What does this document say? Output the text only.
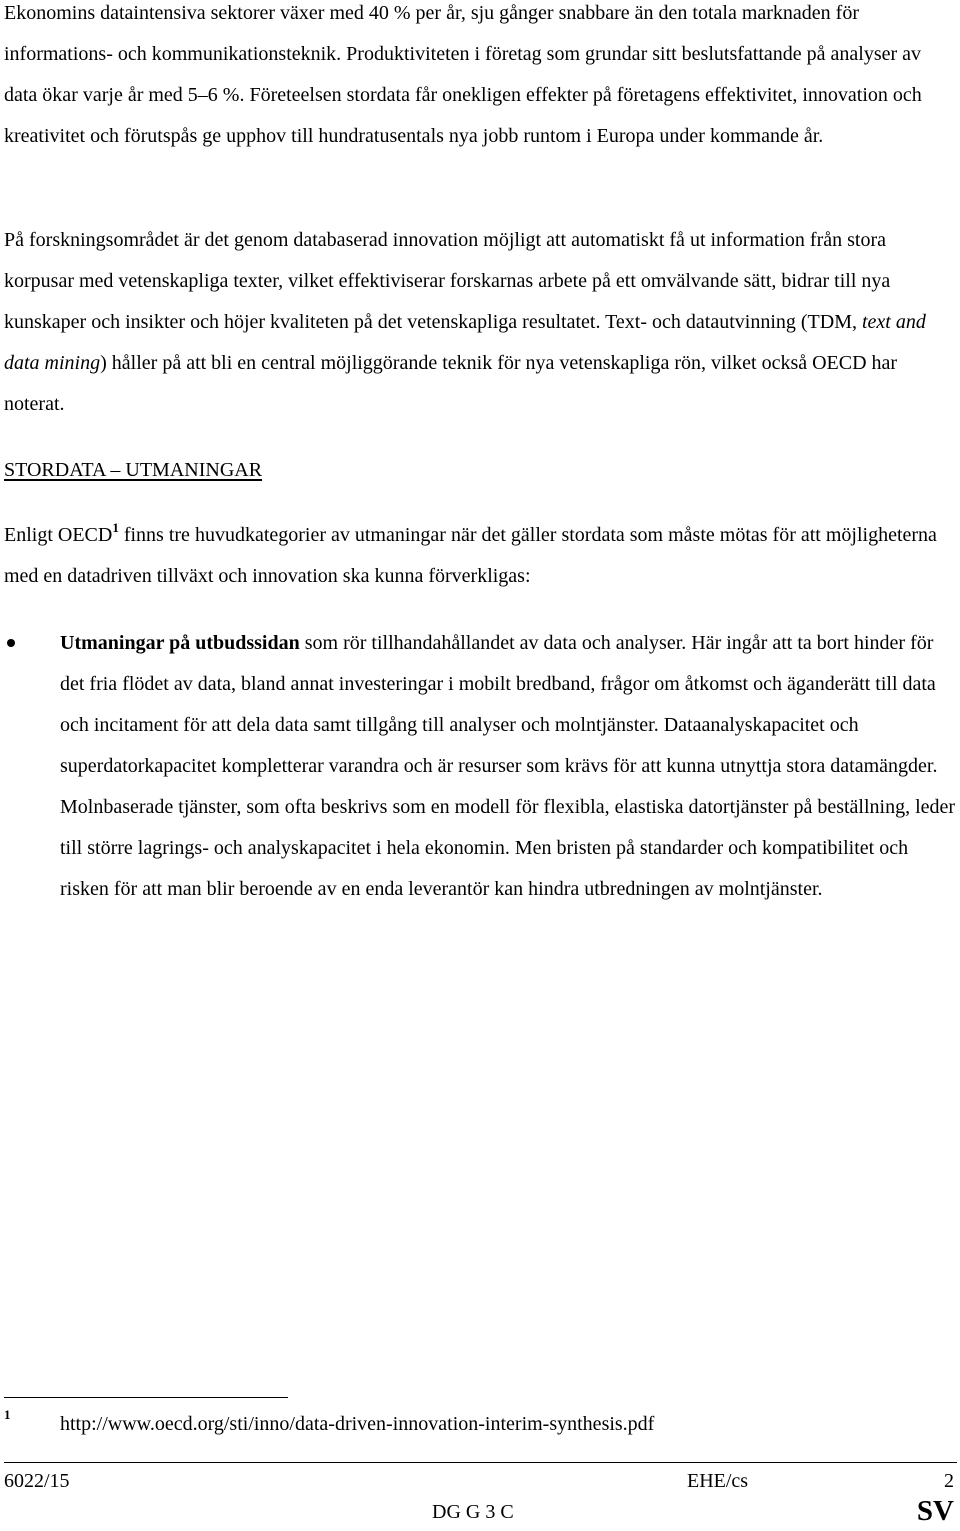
Ekonomins dataintensiva sektorer växer med 40 % per år, sju gånger snabbare än den totala marknaden för informations- och kommunikationsteknik. Produktiviteten i företag som grundar sitt beslutsfattande på analyser av data ökar varje år med 5–6 %. Företeelsen stordata får onekligen effekter på företagens effektivitet, innovation och kreativitet och förutspås ge upphov till hundratusentals nya jobb runtom i Europa under kommande år.

På forskningsområdet är det genom databaserad innovation möjligt att automatiskt få ut information från stora korpusar med vetenskapliga texter, vilket effektiviserar forskarnas arbete på ett omvälvande sätt, bidrar till nya kunskaper och insikter och höjer kvaliteten på det vetenskapliga resultatet. Text- och datautvinning (TDM, text and data mining) håller på att bli en central möjliggörande teknik för nya vetenskapliga rön, vilket också OECD har noterat.

STORDATA – UTMANINGAR

Enligt OECD$^1$ finns tre huvudkategorier av utmaningar när det gäller stordata som måste mötas för att möjligheterna med en datadriven tillväxt och innovation ska kunna förverkligas:

Utmaningar på utbudssidan som rör tillhandahållandet av data och analyser. Här ingår att ta bort hinder för det fria flödet av data, bland annat investeringar i mobilt bredband, frågor om åtkomst och äganderätt till data och incitament för att dela data samt tillgång till analyser och molntjänster. Dataanalyskapacitet och superdatorkapacitet kompletterar varandra och är resurser som krävs för att kunna utnyttja stora datamängder. Molnbaserade tjänster, som ofta beskrivs som en modell för flexibla, elastiska datortjänster på beställning, leder till större lagrings- och analyskapacitet i hela ekonomin. Men bristen på standarder och kompatibilitet och risken för att man blir beroende av en enda leverantör kan hindra utbredningen av molntjänster.

1 http://www.oecd.org/sti/inno/data-driven-innovation-interim-synthesis.pdf
6022/15	EHE/cs	2
DG G 3 C	SV
